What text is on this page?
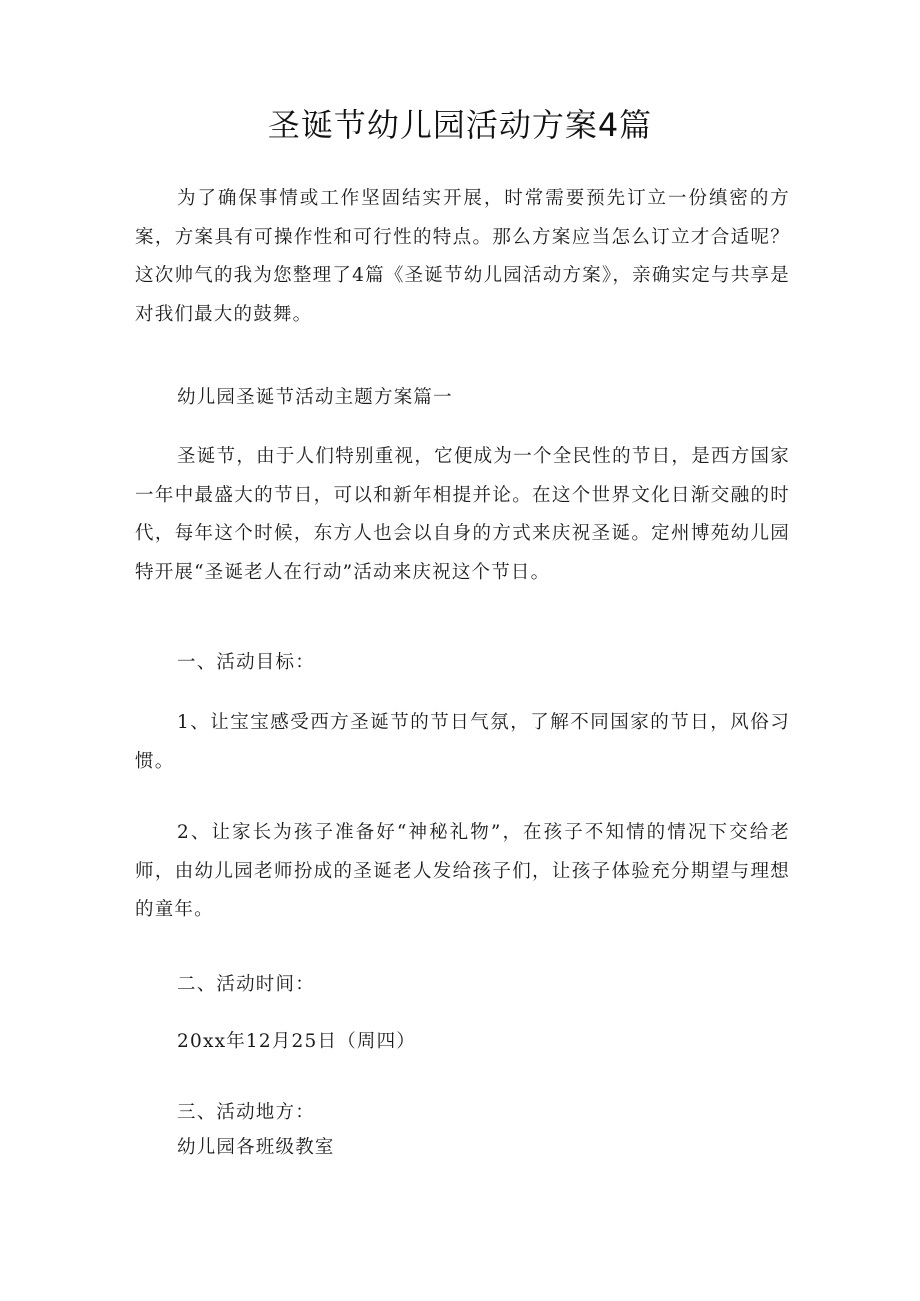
圣诞节幼儿园活动方案4篇

为了确保事情或工作坚固结实开展，时常需要预先订立一份缜密的方案，方案具有可操作性和可行性的特点。那么方案应当怎么订立才合适呢？这次帅气的我为您整理了4篇《圣诞节幼儿园活动方案》，亲确实定与共享是对我们最大的鼓舞。

幼儿园圣诞节活动主题方案篇一

圣诞节，由于人们特别重视，它便成为一个全民性的节日，是西方国家一年中最盛大的节日，可以和新年相提并论。在这个世界文化日渐交融的时代，每年这个时候，东方人也会以自身的方式来庆祝圣诞。定州博苑幼儿园特开展“圣诞老人在行动”活动来庆祝这个节日。

一、活动目标：

1、让宝宝感受西方圣诞节的节日气氛，了解不同国家的节日，风俗习惯。

2、让家长为孩子准备好“神秘礼物”，在孩子不知情的情况下交给老师，由幼儿园老师扮成的圣诞老人发给孩子们，让孩子体验充分期望与理想的童年。

二、活动时间：

20xx年12月25日（周四）

三、活动地方：

幼儿园各班级教室
